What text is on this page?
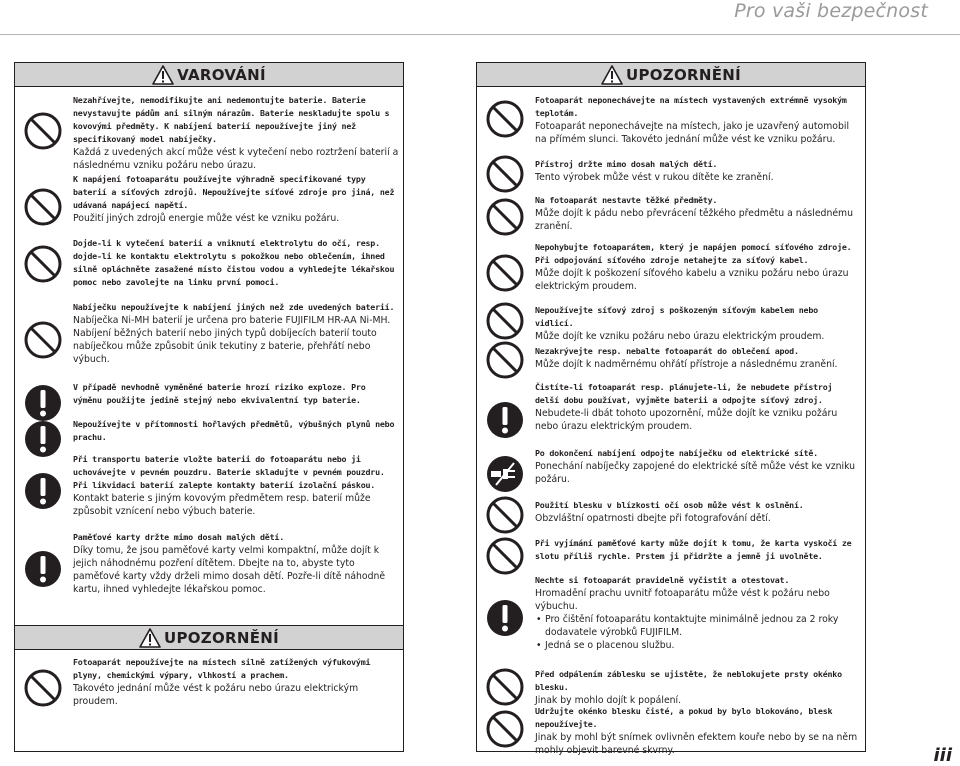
Pro vaši bezpečnost
VAROVÁNÍ
Nezahřívejte, nemodifikujte ani nedemontujte baterie. Baterie nevystavujte pádům ani silným nárazům. Baterie neskladujte spolu s kovovými předměty. K nabíjení baterií nepoužívejte jiný než specifikovaný model nabíječky.
Každá z uvedených akcí může vést k vytečení nebo roztržení baterií a následnému vzniku požáru nebo úrazu.
K napájení fotoaparátu používejte výhradně specifikované typy baterií a síťových zdrojů. Nepoužívejte síťové zdroje pro jiná, než udávaná napájecí napětí.
Použití jiných zdrojů energie může vést ke vzniku požáru.
Dojde-li k vytečení baterií a vniknutí elektrolytu do očí, resp. dojde-li ke kontaktu elektrolytu s pokožkou nebo oblečením, ihned silně opláchněte zasažené místo čistou vodou a vyhledejte lékařskou pomoc nebo zavolejte na linku první pomoci.
Nabíječku nepoužívejte k nabíjení jiných než zde uvedených baterií.
Nabíječka Ni-MH baterií je určena pro baterie FUJIFILM HR-AA Ni-MH. Nabíjení běžných baterií nebo jiných typů dobíjecích baterií touto nabíječkou může způsobit únik tekutiny z baterie, přehřátí nebo výbuch.
V případě nevhodně vyměněné baterie hrozí riziko exploze. Pro výměnu použijte jedině stejný nebo ekvivalentní typ baterie.
Nepoužívejte v přítomnosti hořlavých předmětů, výbušných plynů nebo prachu.
Při transportu baterie vložte baterii do fotoaparátu nebo ji uchovávejte v pevném pouzdru. Baterie skladujte v pevném pouzdru. Při likvidaci baterií zalepte kontakty baterií izolační páskou.
Kontakt baterie s jiným kovovým předmětem resp. baterií může způsobit vznícení nebo výbuch baterie.
Paměťové karty držte mimo dosah malých dětí.
Díky tomu, že jsou paměťové karty velmi kompaktní, může dojít k jejich náhodnému pozření dítětem. Dbejte na to, abyste tyto paměťové karty vždy drželi mimo dosah dětí. Pozře-li dítě náhodně kartu, ihned vyhledejte lékařskou pomoc.
UPOZORNĚNÍ
Fotoaparát nepoužívejte na místech silně zatížených výfukovými plyny, chemickými výpary, vlhkostí a prachem.
Takovéto jednání může vést k požáru nebo úrazu elektrickým proudem.
UPOZORNĚNÍ
Fotoaparát neponechávejte na místech vystavených extrémně vysokým teplotám.
Fotoaparát neponechávejte na místech, jako je uzavřený automobil na přímém slunci. Takovéto jednání může vést ke vzniku požáru.
Přístroj držte mimo dosah malých dětí.
Tento výrobek může vést v rukou dítěte ke zranění.
Na fotoaparát nestavte těžké předměty.
Může dojít k pádu nebo převrácení těžkého předmětu a následnému zranění.
Nepohybujte fotoaparátem, který je napájen pomocí síťového zdroje. Při odpojování síťového zdroje netahejte za síťový kabel.
Může dojít k poškození síťového kabelu a vzniku požáru nebo úrazu elektrickým proudem.
Nepoužívejte síťový zdroj s poškozeným síťovým kabelem nebo vidlicí.
Může dojít ke vzniku požáru nebo úrazu elektrickým proudem.
Nezakrývejte resp. nebalte fotoaparát do oblečení apod.
Může dojít k nadměrnému ohřátí přístroje a následnému zranění.
Čistíte-li fotoaparát resp. plánujete-li, že nebudete přístroj delší dobu používat, vyjměte baterii a odpojte síťový zdroj.
Nebudete-li dbát tohoto upozornění, může dojít ke vzniku požáru nebo úrazu elektrickým proudem.
Po dokončení nabíjení odpojte nabíječku od elektrické sítě.
Ponechání nabíječky zapojené do elektrické sítě může vést ke vzniku požáru.
Použití blesku v blízkosti očí osob může vést k oslnění.
Obzvláštní opatrnosti dbejte při fotografování dětí.
Při vyjímání paměťové karty může dojít k tomu, že karta vyskočí ze slotu příliš rychle. Prstem ji přidržte a jemně ji uvolněte.
Nechte si fotoaparát pravidelně vyčistit a otestovat.
Hromadění prachu uvnitř fotoaparátu může vést k požáru nebo výbuchu.
• Pro čištění fotoaparátu kontaktujte minimálně jednou za 2 roky dodavatele výrobků FUJIFILM.
• Jedná se o placenou službu.
Před odpálením záblesku se ujistěte, že neblokujete prsty okénko blesku.
Jinak by mohlo dojít k popálení.
Udržujte okénko blesku čisté, a pokud by bylo blokováno, blesk nepoužívejte.
Jinak by mohl být snímek ovlivněn efektem kouře nebo by se na něm mohly objevit barevné skvrny.	iii
